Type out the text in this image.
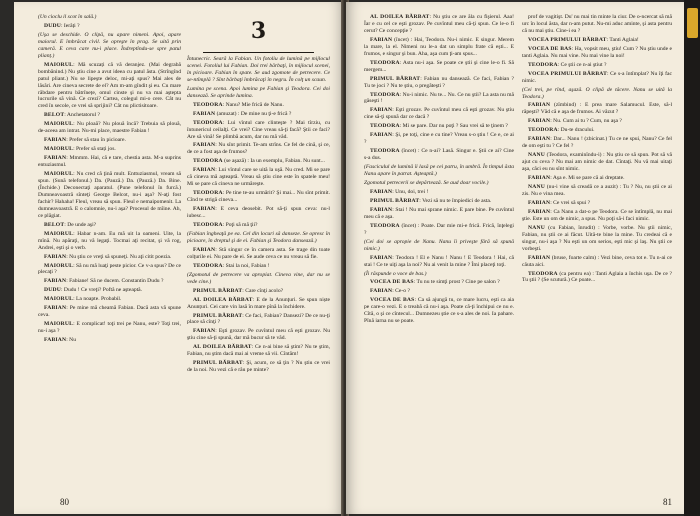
(Un cioclu il scot în sală.)

DUDU: Ierăți ?

(Uşa se deschide. O clipă, nu apare nimeni. Apoi, apare maiorul. E îmbrăcat civil. Se opreşte în prag. Se uită prin cameră. E ceva care nu-i place. Îndreptîndu-se spre patul plianț.)

MAIORUL: Mă scuzați că vă deranjez. (Mai degrabă bombănind.) Nu ştiu cine a avut ideea cu patul ăsta. (Strîngînd patul pliant.) Nu se lipeşte deloc, mi-aţi spus? Mai ales de lăsări. Are cineva secrete de el? Am m-am gîndit şi eu. Cu mare răbdare pentru bătrînețe, omul cinste şi nu va mai aştepta lucrurile să vină. Ce crezi? Cartea, colegul mi-o cere. Cât nu cred în secole, ce vrei să sprijini? Cât nu plictisitoare.

BELOT: Anchetatorul ?

MAIORUL: Nu ploaă? Nu plouă încă? Trebuia să plouă, de-aceea am intrat. Nu-mi place, maestre Fabian !

FABIAN: Prefer să stau în picioare.

MAIORUL: Prefer să stați jos.

FABIAN: Mmmm. Hai, că e tare, chestia asta. M-a suprins entuziasmul.

MAIORUL: Nu cred că ţină mult. Enttuziasmul, vream să spun. (Sună telefonul.) Da. (Pauză.) Da. (Pauză.) Da. Bine. (Închide.) Deconectaţi aparatul. (Pune telefonul în furcă.) Dumneavoastră sînteţi George Belcot, nu-i aşa? N-aţi fost fachir? Hahaha! Fleul, vreau să spun. Fleul e nemaipomenit. La dumneavoastră. E o calomnie, nu-i aşa? Procesul de mîine. Ah, ce plăgiat.

BELOT: De unde aşi?

MAIORUL: Habar n-am. Eu mă uit la oameni. Uite, la mînă. Nu apăraţi, nu vă legaţi. Tocmai aţi recitat, şi vă rog, Andrei, eşti şi o verb.

FABIAN: Nu ştiu ce vreţi să spuneţi. Nu aţi citit poezia.

MAIORUL: Să nu mă luaţi peste picior. Ce v-a spus? De ce plecaţi ?

FABIAN: Fabiane! Să ne ducem. Constantin Dudu ?

DUDU: Dudu ! Ce vreţi? Poftă ne aşteaptă.

MAIORUL: La noapte. Probabil.

FABIAN: Pe mine mă cheamă Fabian. Dacă asta vă spune ceva.

MAIORUL: E complicat! toţi trei pe Nanu, este? Toţi trei, nu-i aşa ?

FABIAN: Nu

3

Întunecric. Seară la Fabian. Un fotoliu de lumină pe mijlocul scenei. Fotoliul lui Fabian. Doi trei bărbaţi, în mijlocul scenei, în picioare. Fabian în spate. Se aud zgomote de petrecere. Ce se-ntîmplă ? Sînt bărbaţi îmbrăcaţi în negru. În colţ un scaun.

Lumina pe scena. Apoi lumina pe Fabian şi Teodora. Cei doi dansează. Se aprinde lumina.

TEODORA: Nanu? Mie frică de Nanu.

FABIAN (amuzat) : De mine nu ţi-e frică ?

TEODORA: Lui vîntul care clinteşte ? Mai tîrziu, cu întunericul ceilalţi. Ce vrei? Cine vreau să-ţi facă? Ştii ce faci? Are să vină! Se plimbă acum, dar nu mă văd.

FABIAN: Nu sînt primit. Te-am strîns. Ce fel de cină, şi ce, de ce a fost aşa de frumos?

TEODORA (se aşază) : Ia un exemplu, Fabian. Nu sunt...

FABIAN: Lui vîntul care se uită la uşă. Nu cred. Mi se pare că cineva mă aşteaptă. Vreau să ştiu cine este în spatele meu! Mi se pare că cineva ne urmăreşte.

TEODORA: Pe tine te-au urmărit? Şi mai... Nu sînt primit. Cînd te strigă cineva...

FABIAN: E ceva deosebit. Pot să-ţi spun ceva: nu-l iubesc...

TEODORA: Poţi să mă ţii?

(Fabian îngheaţă pe ea. Cel din locuri să danseze. Se opresc în picioare, în dreptul şi de ei. Fabian şi Teodora dansează.)

FABIAN: Stă singur ce în camera asta. Se trage din toate colţurile ei. Nu pare de ei. Se aude ceva ce nu vreau să fie.

TEODORA: Stai la noi, Fabian !

(Zgomotul de petrecere va apropiat. Cineva vine, dar nu se vede cine.)

PRIMUL BĂRBAT: Care cînţi acolo?

AL DOILEA BĂRBAT: E de la Anunţuri. Se spun niște Anunțuri. Cei care vin lasă în mare pînă la închidere.

PRIMUL BĂRBAT: Ce faci, Fabian? Dansezi? De ce nu-ţi place să cînţi ?

FABIAN: Eşti grozav. Pe cuvîntul meu că eşti grozav. Nu ştiu cine să-ţi spună, dar mă bucur să te văd.

AL DOILEA BĂRBAT: Ce n-ai bine să ştim? Nu te ştim, Fabian, nu ştim dacă mai ai vreme să vii. Cîntăm!

PRIMUL BĂRBAT: Şi, acum, ce să ţin ? Nu ştiu ce vrei de la noi. Nu vezi că e rău pe minte?

80

AL DOILEA BĂRBAT: Nu ştiu ce are ăla cu fişierul. Aaa! Îar e cu cel ce eşti grozav. Pe cuvîntul meu că-ţi spun. Ce le-o fi cerut? Ce concepţie ?

FABIAN (încet) : Hai, Teodora. Nu-i nimic. E singur. Merem la mare, la el. Nimeni nu le-a dat un simplu frate că eşti... E frumos, e singur şi bun. Aha, aşa cum ţi-am spus...

TEODORA: Asta nu-i aşa. Se poate ce ştii şi cine le-o fi. Să mergem...

PRIMUL BĂRBAT: Fabian nu dansează. Ce faci, Fabian ? Tu te joci ? Nu te ştiu, o pregăteşti ?

TEODORA: Nu-i nimic. Nu te... Nu. Ce nu ştii? La asta nu mă găseşti !

FABIAN: Eşti grozav. Pe cuvîntul meu că eşti grozav. Nu ştiu cine să-ţi spună dar ce dacă ?

TEODORA: Mi se pare. Dar nu poţi ? Sau vrei să te ţinem ?

FABIAN: Şi, pe toţi, cine e cu tine? Vreau s-o ştiu ! Ce e, ce ai ?

TEODORA (încet) : Ce n-ai? Lasă. Singur e. Ştii ce ai? Cine s-a dus.

(Fasciculul de lumină îi lasă pe cei patru, în umbră. În timpul ăsta Nanu apare în patrat. Aşteaptă.)

Zgomotul petrecerii se depărtează. Se aud doar vocile.)

FABIAN: Unu, doi, trei !

PRIMUL BĂRBAT: Vezi să nu te împiedici de asta.

FABIAN: Stai ! Nu mai sprane nimic. E pare bine. Pe cuvîntul meu că e aşa.

TEODORA (încet) : Poate. Dar mie mi-e frică. Frică, înţelegi ?

(Cei doi se apropie de Nanu. Nanu îi priveşte fără să spună nimic.)

FABIAN: Teodora ! El e Nanu ! Nanu ! E Teodora ! Hai, că stai ! Ce te uiţi aşa la noi? Nu ai venit la mine ? Îmi placeţi toţi.

(Îi răspunde o voce de bas.)

VOCEA DE BAS: Tu nu te simţi prost ? Cine pe salon ?

FABIAN: Ce-o ?

VOCEA DE BAS: Ca să ajungă tu, ce mare lucru, eşti ca aia pe care-o vezi. E o treabă că nu-i aşa. Poate că-ţi închipui ce nu e. Cîtă, o şi ce cîntecul... Dumnezeu ştie ce s-a ales de noi. Ia pahare. Pînă iarna nu se poate.

prof de vagitişt. Du' nu mai tin minte la ciur. De o-ncercat să mă urc în locul ăsta, dar n-am putut. Nu-mi aduc aminte, şi asta pentru că nu mai ştiu. Cine-i ea ?

VOCEA PRIMULUI BĂRBAT: Tanti Aglaia!

VOCEA DE BAS: Ha, vopsit meu, ştiu! Cum ? Nu ştiu unde e tanti Aglaia. Nu mai vine. Nu mai vine la noi!

TEODORA: Ce ştii ce n-ai ştiut ?

VOCEA PRIMULUI BĂRBAT: Ce s-a întîmplat? Nu îţi fac nimic.

(Cei trei, pe rînd, aşază. O clipă de tăcere. Nanu se uită la Teodora.)

FABIAN (zîmbind) : E prea mare Salamucul. Este, să-l răpeşti? Văd că e aşa de frumos. Ai văzut ?

FABIAN: Nu. Cum ai tu ? Cum, nu aşa ?

TEODORA: Du-te dracului.

FABIAN: Dar... Nanu ! (zbicinat.) Tu ce ne spui, Nanu? Ce fel de om eşti tu ? Ce fel ?

NANU (Teodora, examinîndu-i) : Nu ştiu ce să spun. Pot să vă ajut cu ceva ? Nu mai am nimic de dat. Cîntaţi. Nu vă mai uitaţi aşa, căci eu nu sînt nimic.

FABIAN: Aşa e. Mi se pare că ai dreptate.

NANU (nu-i vine să creadă ce a auzit) : Tu ? Nu, nu ştii ce ai zis. Nu e vina mea.

FABIAN: Ce vrei să spui ?

FABIAN: Ca Nanu a dat-o pe Teodora. Ce se întîmplă, nu mai ştie. Este un om de nimic, a spus. Nu poţi să-i faci nimic.

NANU (cu Fabian, înrudit) : Vorbe, vorbe. Nu ştii nimic, Fabian, nu ştii ce ai făcut. Uită-te bine la mine. Tu credeai că e singur, nu-i aşa ? Nu eşti un om serios, eşti mic şi laş. Nu ştii ce vorbeşti.

FABIAN (bruse, foarte calm) : Vezi bine, ceva tot e. Tu n-ai ce căuta aici.

TEODORA (ca pentru ea) : Tanti Aglaia a închis uşa. De ce ? Tu ştii ? (Se scutură.) Ce poate...

81
